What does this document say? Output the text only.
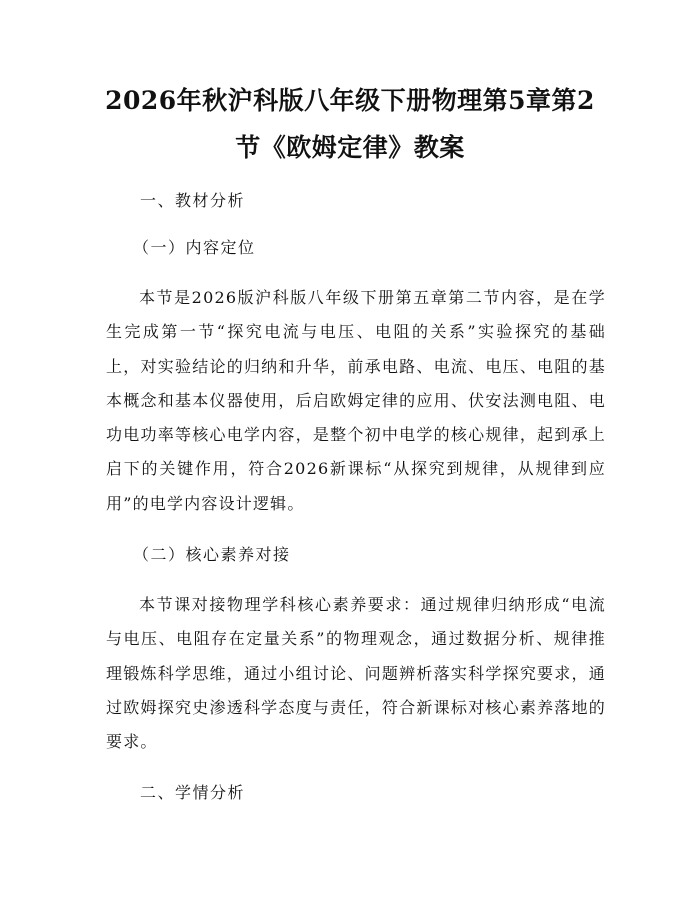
2026年秋沪科版八年级下册物理第5章第2
节《欧姆定律》教案
一、教材分析
（一）内容定位
本节是2026版沪科版八年级下册第五章第二节内容，是在学生完成第一节“探究电流与电压、电阻的关系”实验探究的基础上，对实验结论的归纳和升华，前承电路、电流、电压、电阻的基本概念和基本仪器使用，后启欧姆定律的应用、伏安法测电阻、电功电功率等核心电学内容，是整个初中电学的核心规律，起到承上启下的关键作用，符合2026新课标“从探究到规律，从规律到应用”的电学内容设计逻辑。
（二）核心素养对接
本节课对接物理学科核心素养要求：通过规律归纳形成“电流与电压、电阻存在定量关系”的物理观念，通过数据分析、规律推理锻炼科学思维，通过小组讨论、问题辨析落实科学探究要求，通过欧姆探究史渗透科学态度与责任，符合新课标对核心素养落地的要求。
二、学情分析
